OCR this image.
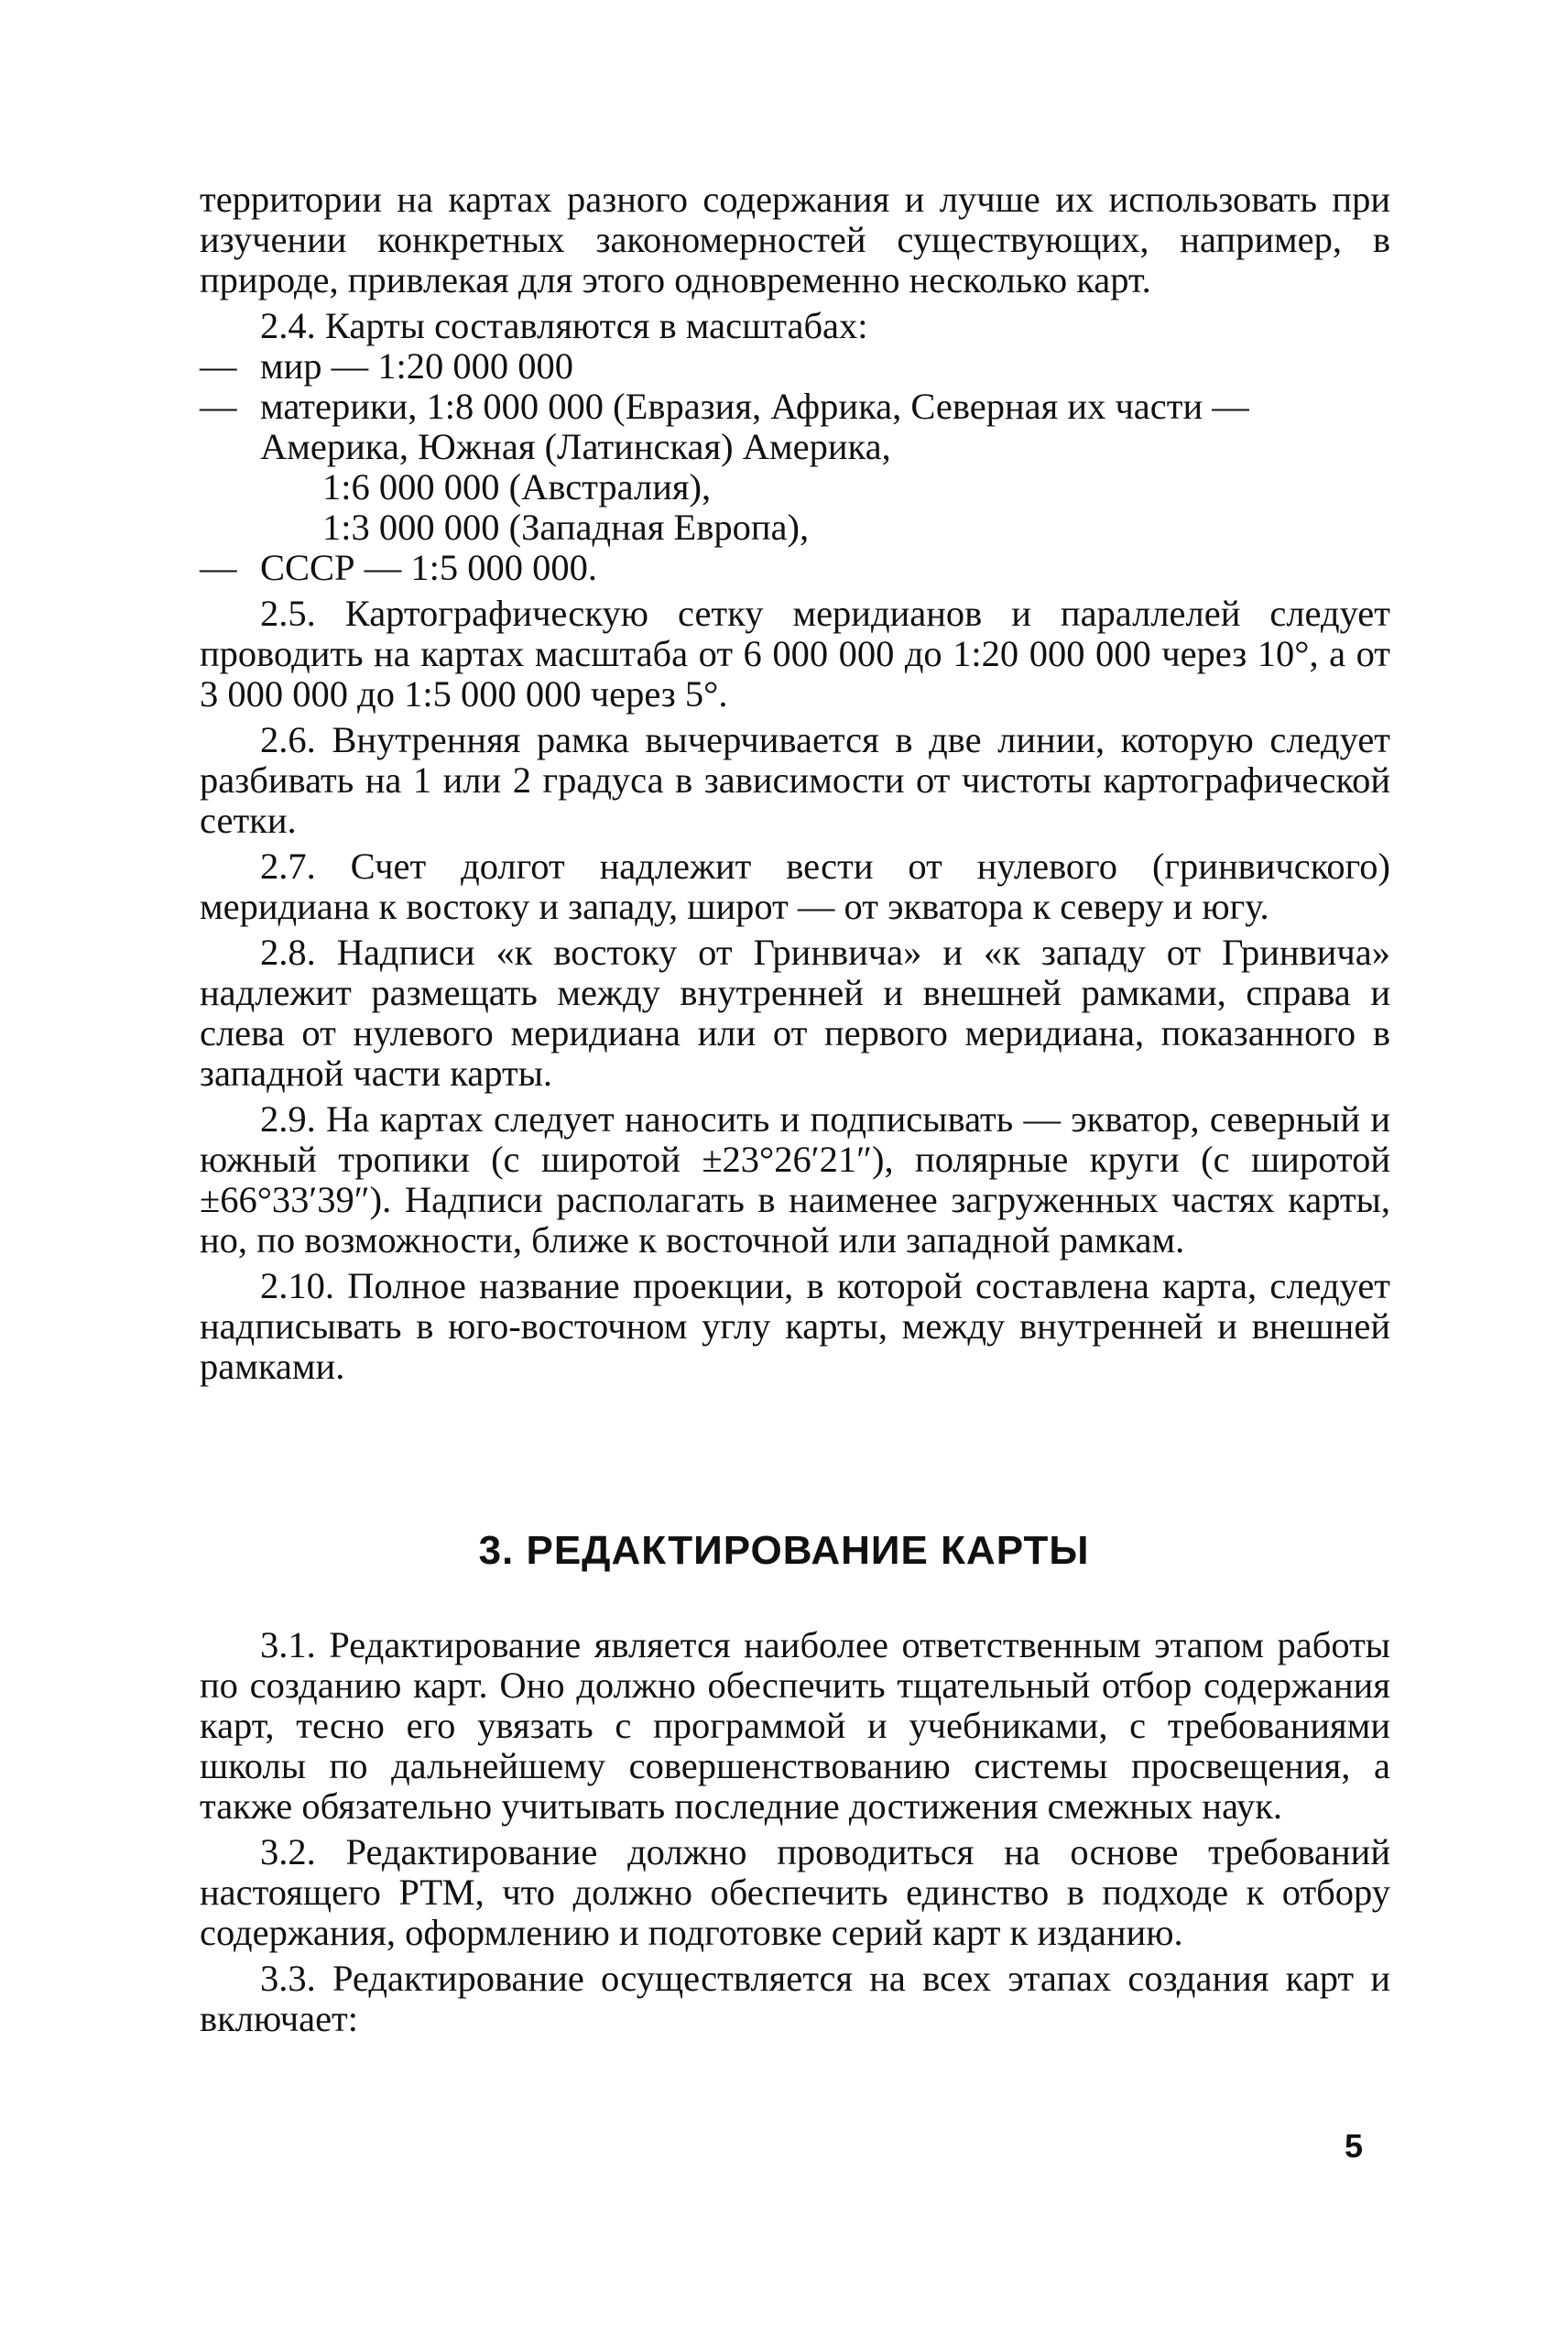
территории на картах разного содержания и лучше их использовать при изучении конкретных закономерностей существующих, например, в природе, привлекая для этого одновременно несколько карт.

2.4. Карты составляются в масштабах:

— мир — 1:20 000 000
— материки, 1:8 000 000 (Евразия, Африка, Северная их части — Америка, Южная (Латинская) Америка,

1:6 000 000 (Австралия),

1:3 000 000 (Западная Европа),

— СССР — 1:5 000 000.

2.5. Картографическую сетку меридианов и параллелей следует проводить на картах масштаба от 6 000 000 до 1:20 000 000 через 10°, а от 3 000 000 до 1:5 000 000 через 5°.

2.6. Внутренняя рамка вычерчивается в две линии, которую следует разбивать на 1 или 2 градуса в зависимости от чистоты картографической сетки.

2.7. Счет долгот надлежит вести от нулевого (гринвичского) меридиана к востоку и западу, широт — от экватора к северу и югу.

2.8. Надписи «к востоку от Гринвича» и «к западу от Гринвича» надлежит размещать между внутренней и внешней рамками, справа и слева от нулевого меридиана или от первого меридиана, показанного в западной части карты.

2.9. На картах следует наносить и подписывать — экватор, северный и южный тропики (с широтой ±23°26′21″), полярные круги (с широтой ±66°33′39″). Надписи располагать в наименее загруженных частях карты, но, по возможности, ближе к восточной или западной рамкам.

2.10. Полное название проекции, в которой составлена карта, следует надписывать в юго-восточном углу карты, между внутренней и внешней рамками.

3. РЕДАКТИРОВАНИЕ КАРТЫ

3.1. Редактирование является наиболее ответственным этапом работы по созданию карт. Оно должно обеспечить тщательный отбор содержания карт, тесно его увязать с программой и учебниками, с требованиями школы по дальнейшему совершенствованию системы просвещения, а также обязательно учитывать последние достижения смежных наук.

3.2. Редактирование должно проводиться на основе требований настоящего РТМ, что должно обеспечить единство в подходе к отбору содержания, оформлению и подготовке серий карт к изданию.

3.3. Редактирование осуществляется на всех этапах создания карт и включает:

5
